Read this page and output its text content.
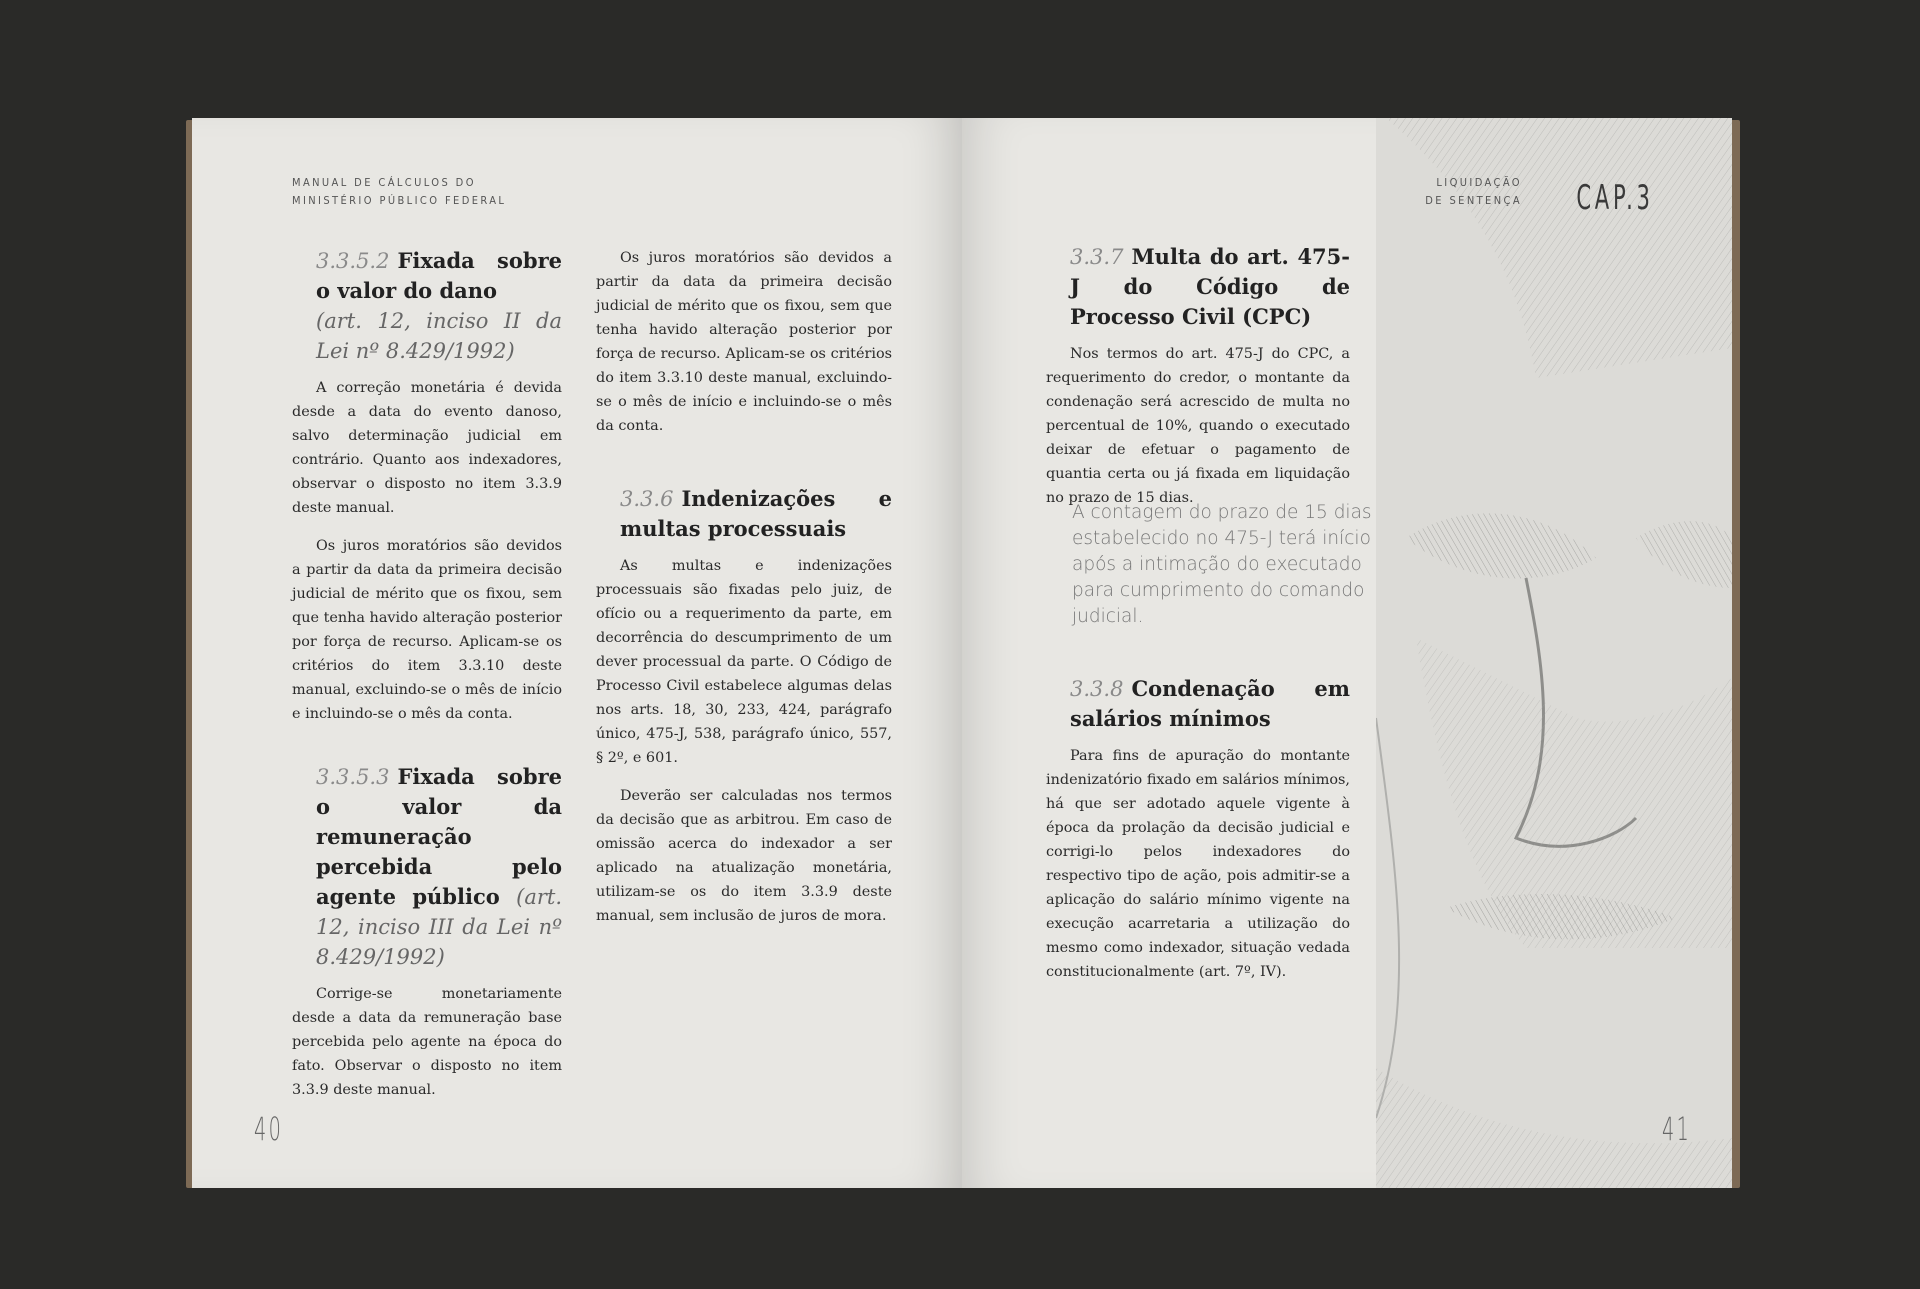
MANUAL DE CÁLCULOS DO
MINISTÉRIO PÚBLICO FEDERAL
3.3.5.2 Fixada sobre o valor do dano
(art. 12, inciso II da Lei nº 8.429/1992)

A correção monetária é devida desde a data do evento danoso, salvo determinação judicial em contrário. Quanto aos indexadores, observar o disposto no item 3.3.9 deste manual.

Os juros moratórios são devidos a partir da data da primeira decisão judicial de mérito que os fixou, sem que tenha havido alteração posterior por força de recurso. Aplicam-se os critérios do item 3.3.10 deste manual, excluindo-se o mês de início e incluindo-se o mês da conta.

3.3.5.3 Fixada sobre o valor da remuneração percebida pelo agente público (art. 12, inciso III da Lei nº 8.429/1992)

Corrige-se monetariamente desde a data da remuneração base percebida pelo agente na época do fato. Observar o disposto no item 3.3.9 deste manual.

Os juros moratórios são devidos a partir da data da primeira decisão judicial de mérito que os fixou, sem que tenha havido alteração posterior por força de recurso. Aplicam-se os critérios do item 3.3.10 deste manual, excluindo-se o mês de início e incluindo-se o mês da conta.

3.3.6 Indenizações e multas processuais

As multas e indenizações processuais são fixadas pelo juiz, de ofício ou a requerimento da parte, em decorrência do descumprimento de um dever processual da parte. O Código de Processo Civil estabelece algumas delas nos arts. 18, 30, 233, 424, parágrafo único, 475-J, 538, parágrafo único, 557, § 2º, e 601.

Deverão ser calculadas nos termos da decisão que as arbitrou. Em caso de omissão acerca do indexador a ser aplicado na atualização monetária, utilizam-se os do item 3.3.9 deste manual, sem inclusão de juros de mora.

40
LIQUIDAÇÃO
DE SENTENÇA CAP.3
3.3.7 Multa do art. 475-J do Código de Processo Civil (CPC)

Nos termos do art. 475-J do CPC, a requerimento do credor, o montante da condenação será acrescido de multa no percentual de 10%, quando o executado deixar de efetuar o pagamento de quantia certa ou já fixada em liquidação no prazo de 15 dias.

A contagem do prazo de 15 dias estabelecido no 475-J terá início após a intimação do executado para cumprimento do comando judicial.
3.3.8 Condenação em salários mínimos

Para fins de apuração do montante indenizatório fixado em salários mínimos, há que ser adotado aquele vigente à época da prolação da decisão judicial e corrigi-lo pelos indexadores do respectivo tipo de ação, pois admitir-se a aplicação do salário mínimo vigente na execução acarretaria a utilização do mesmo como indexador, situação vedada constitucionalmente (art. 7º, IV).

41
